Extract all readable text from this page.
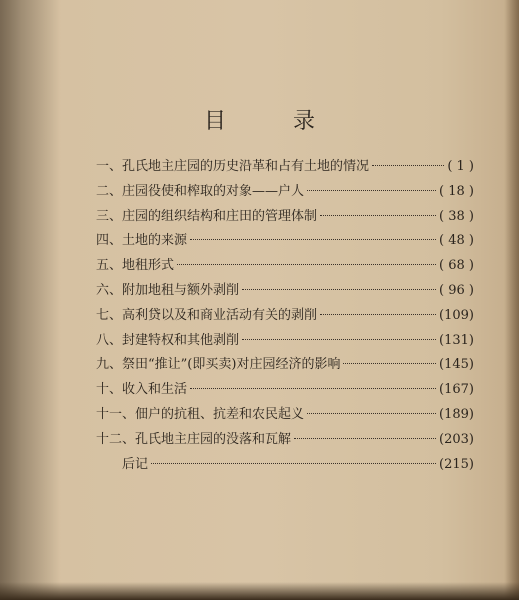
目 录
一、 孔氏地主庄园的历史沿革和占有土地的情况	( 1 )
二、 庄园役使和榨取的对象——户人	( 18 )
三、 庄园的组织结构和庄田的管理体制	( 38 )
四、 土地的来源	( 48 )
五、 地租形式	( 68 )
六、 附加地租与额外剥削	( 96 )
七、 高利贷以及和商业活动有关的剥削	(109)
八、 封建特权和其他剥削	(131)
九、 祭田“推让”(即买卖)对庄园经济的影响	(145)
十、 收入和生活	(167)
十一、 佃户的抗租、抗差和农民起义	(189)
十二、 孔氏地主庄园的没落和瓦解	(203)
后记	(215)
